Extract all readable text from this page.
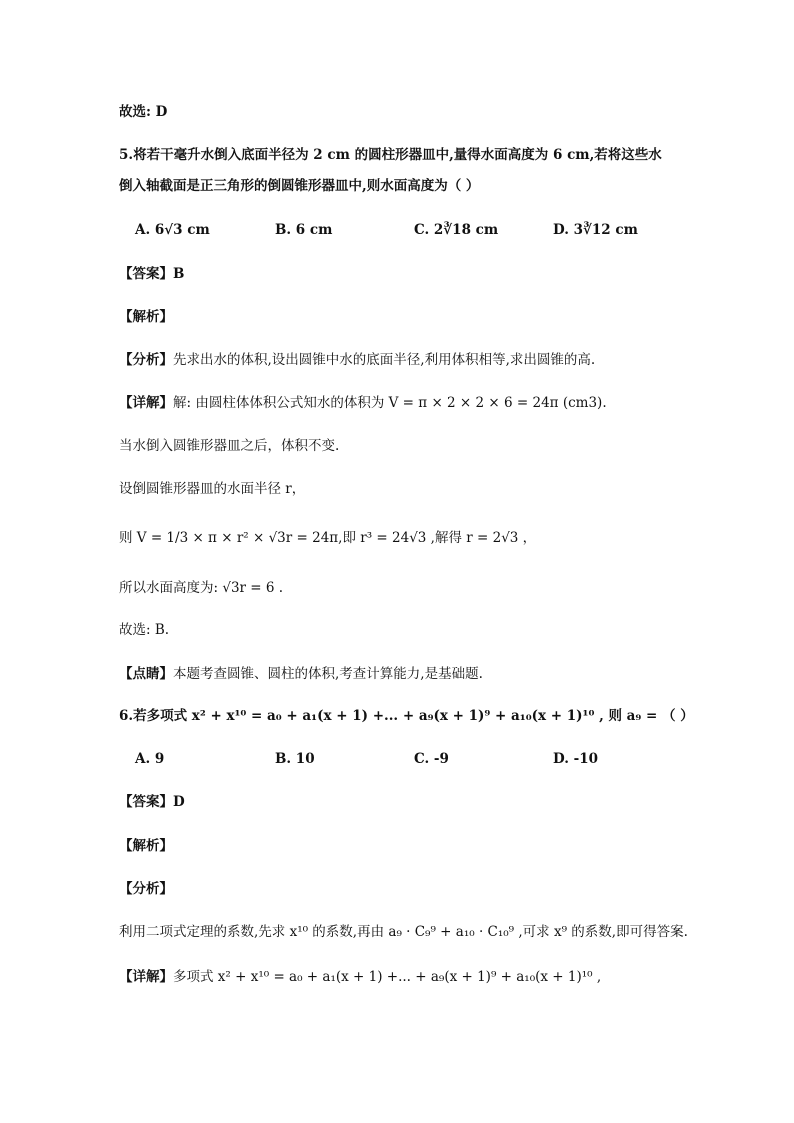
故选: D
5.将若干毫升水倒入底面半径为 2 cm 的圆柱形器皿中,量得水面高度为 6 cm,若将这些水
倒入轴截面是正三角形的倒圆锥形器皿中,则水面高度为（ ）
A. 6√3 cm	B. 6 cm	C. 2∛18 cm	D. 3∛12 cm
【答案】B
【解析】
【分析】先求出水的体积,设出圆锥中水的底面半径,利用体积相等,求出圆锥的高.
【详解】解: 由圆柱体体积公式知水的体积为 V = π × 2 × 2 × 6 = 24π (cm3).
当水倒入圆锥形器皿之后，体积不变.
设倒圆锥形器皿的水面半径 r，
则 V = 1/3 × π × r² × √3r = 24π,即 r³ = 24√3 ,解得 r = 2√3 ，
所以水面高度为: √3r = 6 .
故选: B.
【点睛】本题考查圆锥、圆柱的体积,考查计算能力,是基础题.
6.若多项式 x² + x¹⁰ = a₀ + a₁(x + 1) +... + a₉(x + 1)⁹ + a₁₀(x + 1)¹⁰ , 则 a₉ = （ ）
A. 9	B. 10	C. -9	D. -10
【答案】D
【解析】
【分析】
利用二项式定理的系数,先求 x¹⁰ 的系数,再由 a₉ · C₉⁹ + a₁₀ · C₁₀⁹ ,可求 x⁹ 的系数,即可得答案.
【详解】多项式 x² + x¹⁰ = a₀ + a₁(x + 1) +... + a₉(x + 1)⁹ + a₁₀(x + 1)¹⁰ ,
